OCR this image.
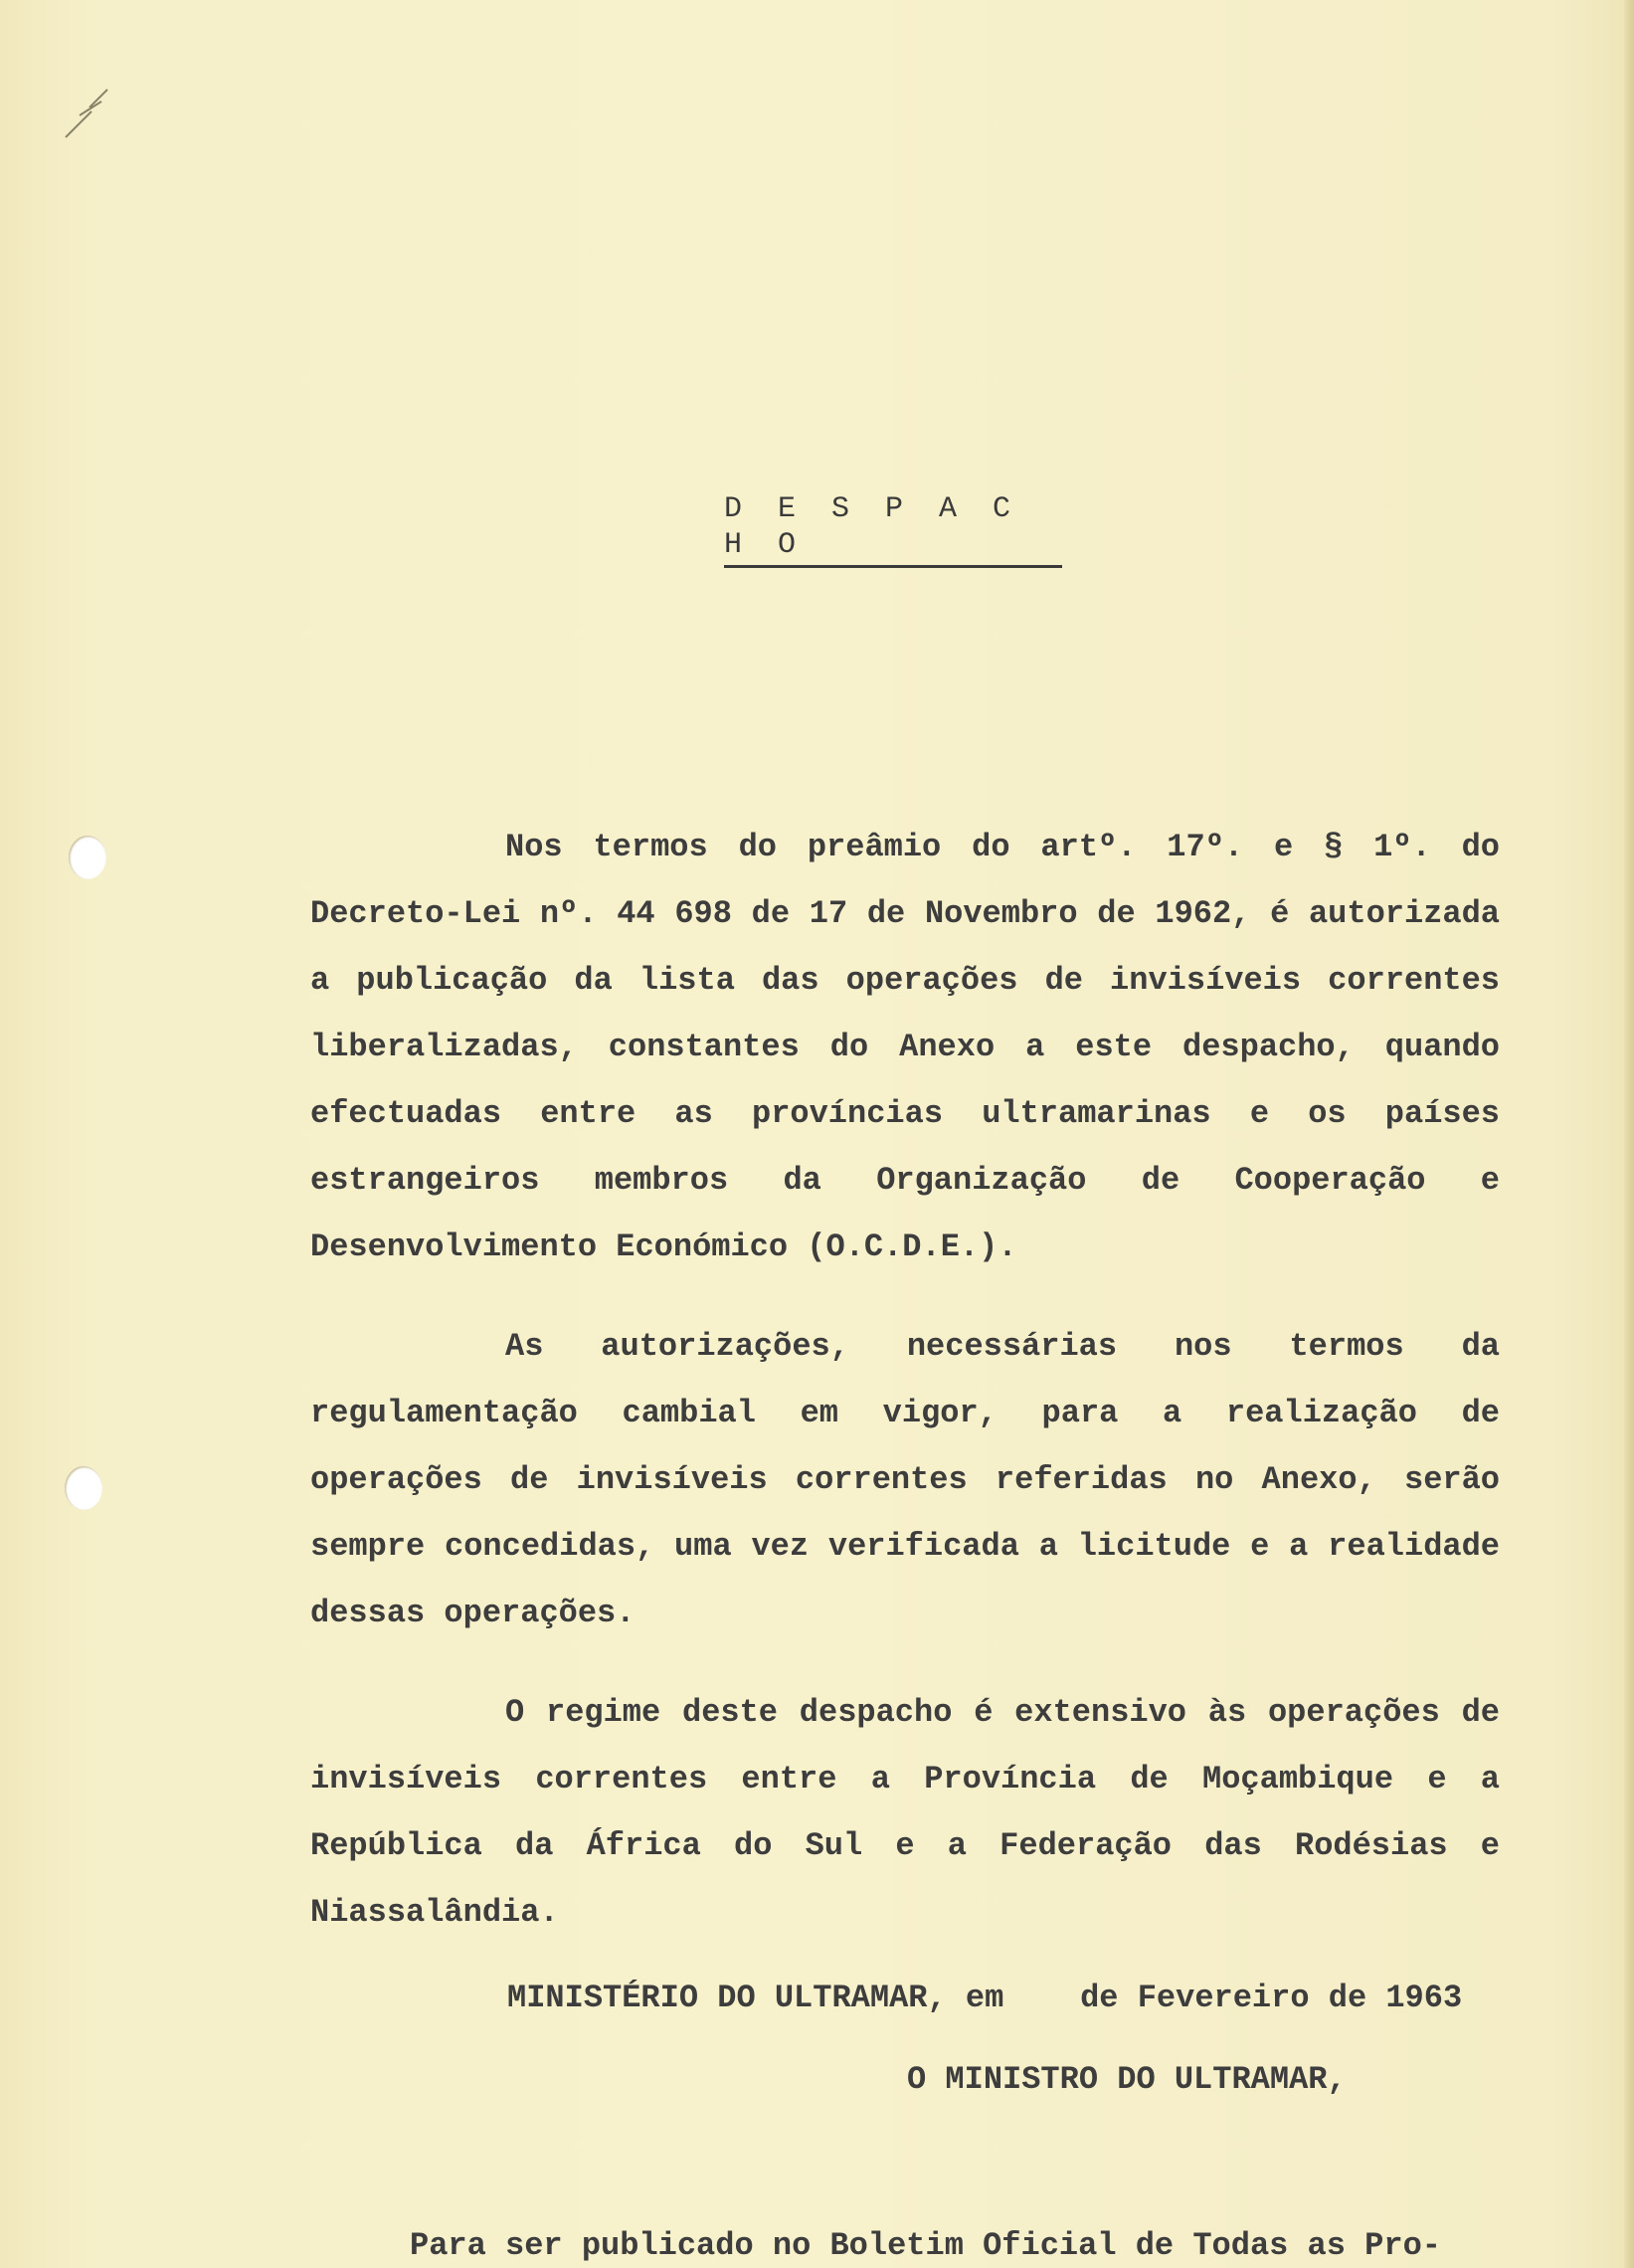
D E S P A C H O

Nos termos do preâmio do artº. 17º. e § 1º. do Decreto-Lei nº. 44 698 de 17 de Novembro de 1962, é autorizada a publicação da lista das operações de invisíveis correntes liberalizadas, constantes do Anexo a este despacho, quando efectuadas entre as províncias ultramarinas e os países estrangeiros membros da Organização de Cooperação e Desenvolvimento Económico (O.C.D.E.).

As autorizações, necessárias nos termos da regulamentação cambial em vigor, para a realização de operações de invisíveis correntes referidas no Anexo, serão sempre concedidas, uma vez verificada a licitude e a realidade dessas operações.

O regime deste despacho é extensivo às operações de invisíveis correntes entre a Província de Moçambique e a República da África do Sul e a Federação das Rodésias e Niassalândia.

MINISTÉRIO DO ULTRAMAR, em    de Fevereiro de 1963
O MINISTRO DO ULTRAMAR,
Para ser publicado no Boletim Oficial de Todas as Pro-
